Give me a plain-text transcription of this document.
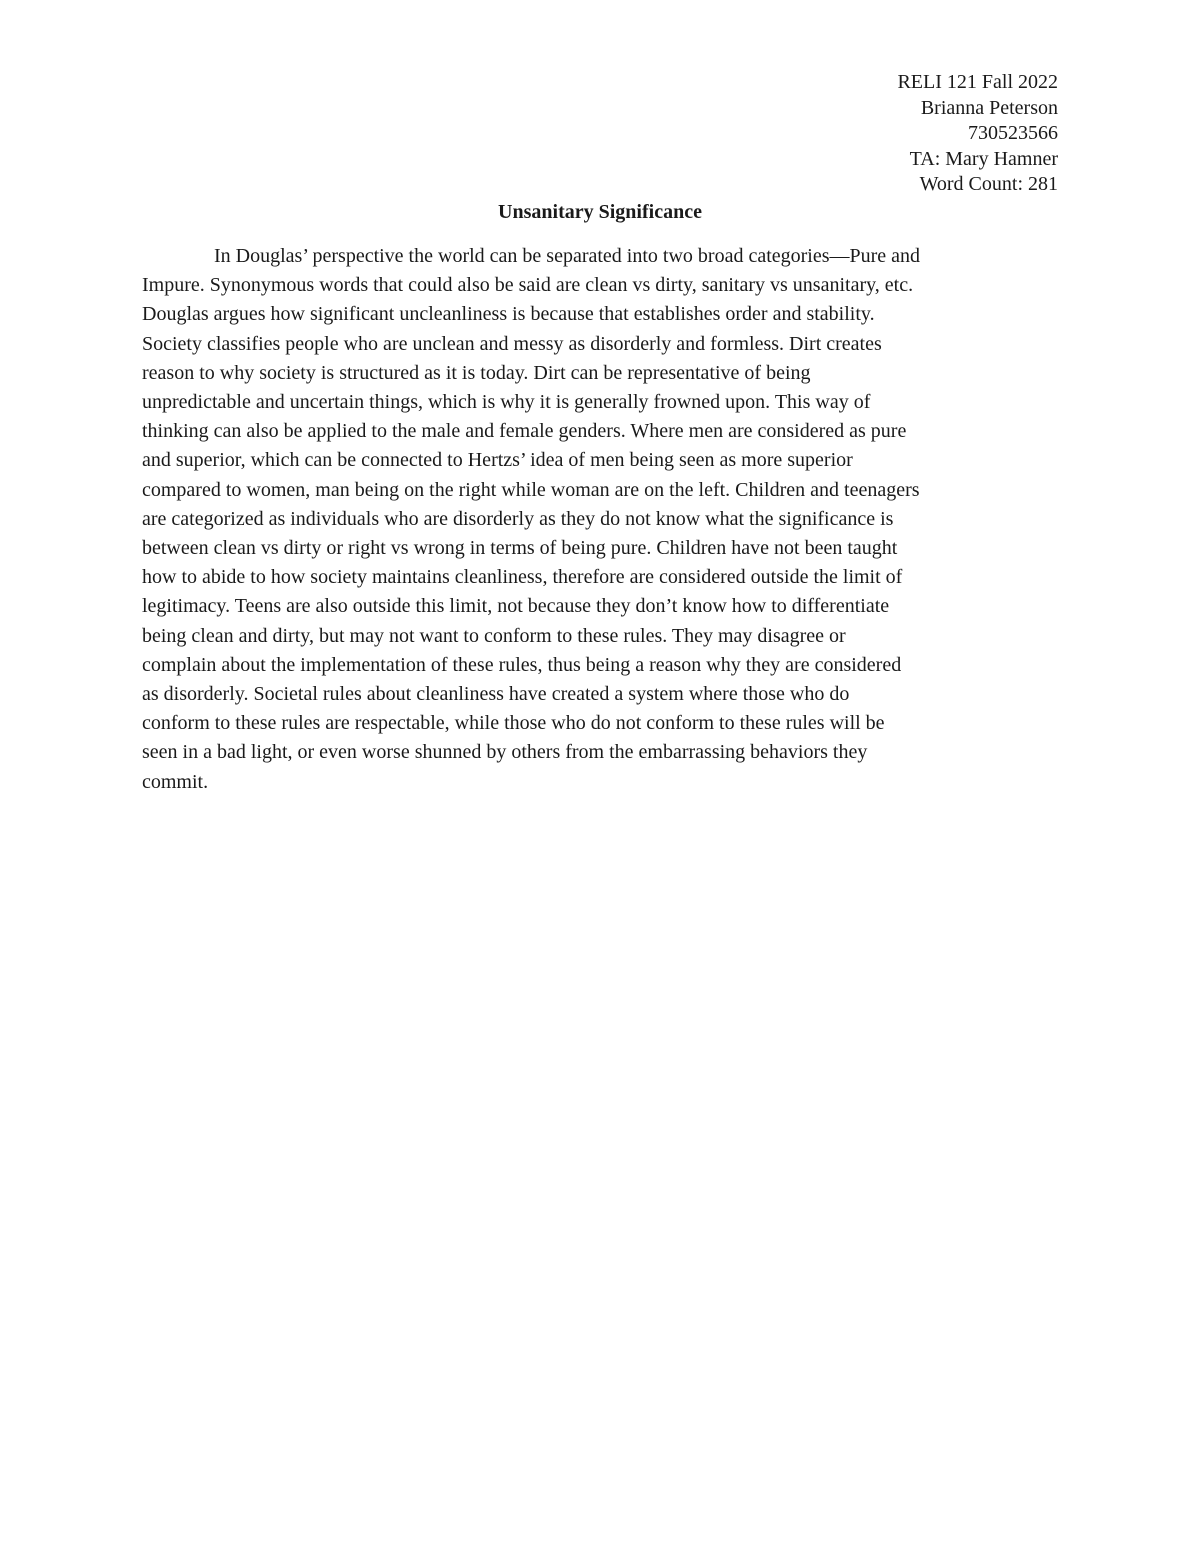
RELI 121 Fall 2022
Brianna Peterson
730523566
TA: Mary Hamner
Word Count: 281
Unsanitary Significance
In Douglas’ perspective the world can be separated into two broad categories—Pure and
Impure. Synonymous words that could also be said are clean vs dirty, sanitary vs unsanitary, etc.
Douglas argues how significant uncleanliness is because that establishes order and stability.
Society classifies people who are unclean and messy as disorderly and formless. Dirt creates
reason to why society is structured as it is today. Dirt can be representative of being
unpredictable and uncertain things, which is why it is generally frowned upon. This way of
thinking can also be applied to the male and female genders. Where men are considered as pure
and superior, which can be connected to Hertzs’ idea of men being seen as more superior
compared to women, man being on the right while woman are on the left. Children and teenagers
are categorized as individuals who are disorderly as they do not know what the significance is
between clean vs dirty or right vs wrong in terms of being pure. Children have not been taught
how to abide to how society maintains cleanliness, therefore are considered outside the limit of
legitimacy. Teens are also outside this limit, not because they don’t know how to differentiate
being clean and dirty, but may not want to conform to these rules. They may disagree or
complain about the implementation of these rules, thus being a reason why they are considered
as disorderly. Societal rules about cleanliness have created a system where those who do
conform to these rules are respectable, while those who do not conform to these rules will be
seen in a bad light, or even worse shunned by others from the embarrassing behaviors they
commit.
